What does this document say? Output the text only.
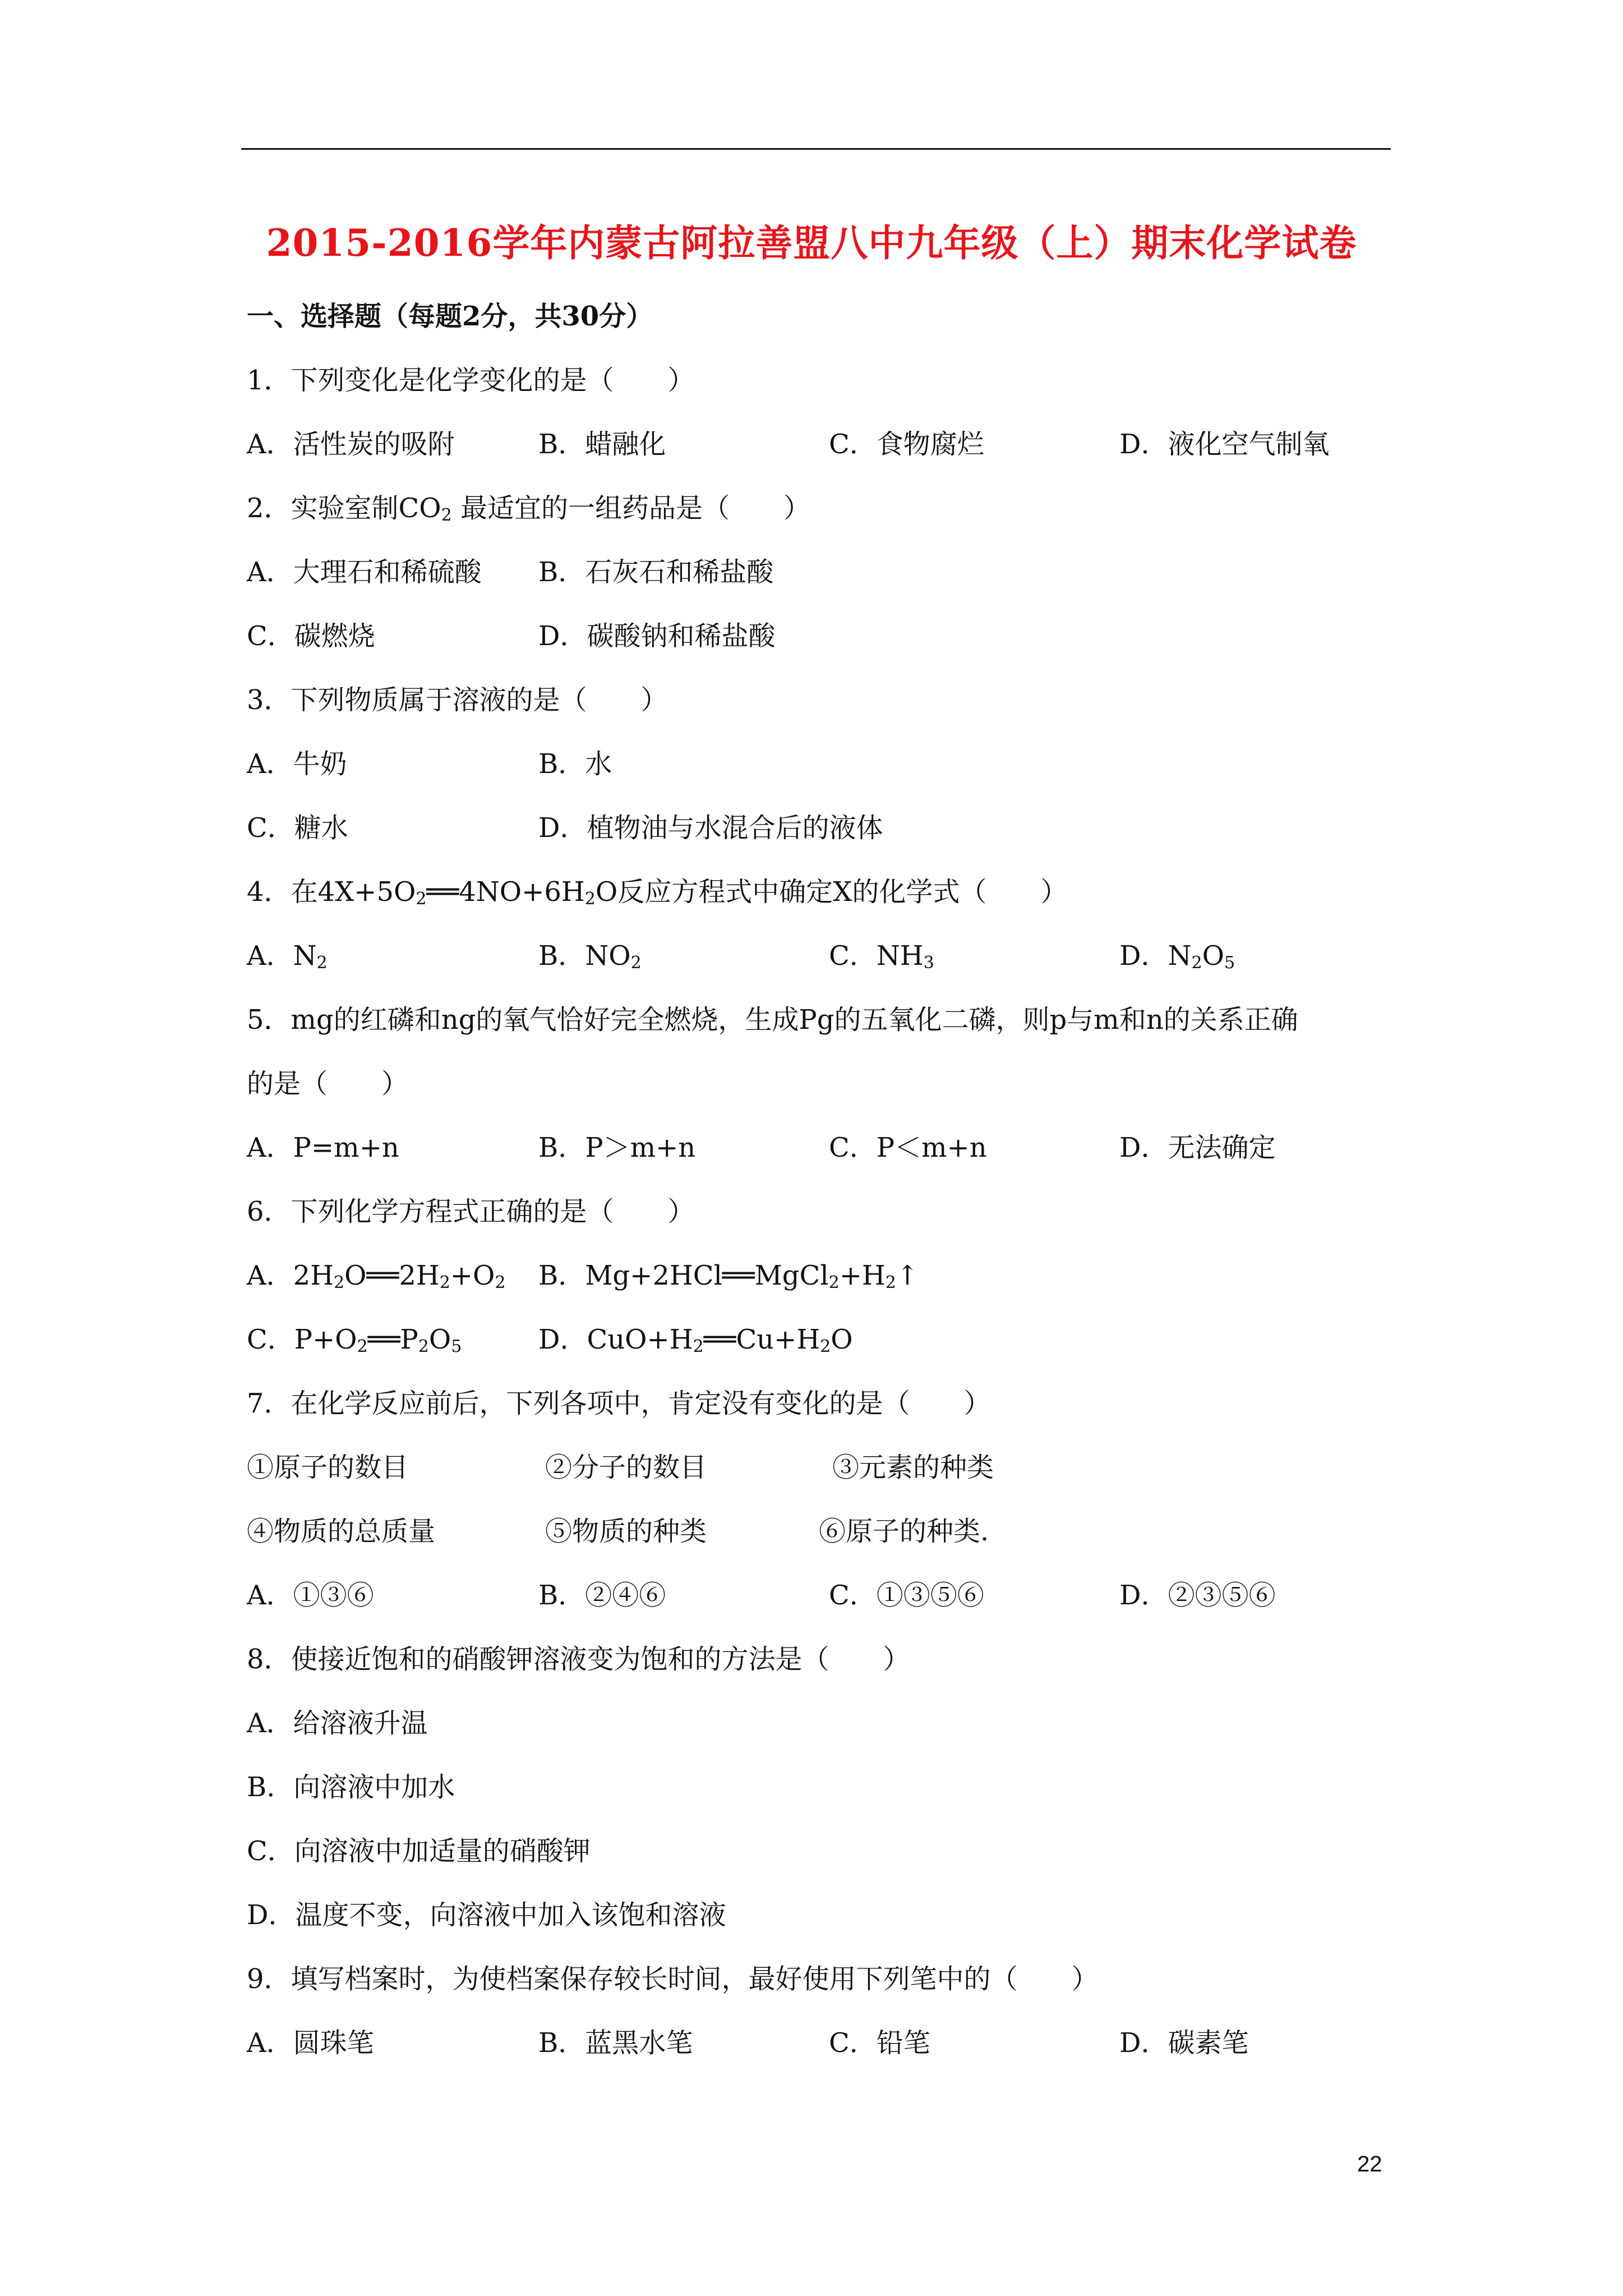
2015-2016学年内蒙古阿拉善盟八中九年级（上）期末化学试卷
一、选择题（每题2分，共30分）
1．下列变化是化学变化的是（　　）
A．活性炭的吸附	B．蜡融化	C．食物腐烂	D．液化空气制氧
2．实验室制$CO_2$ 最适宜的一组药品是（　　）
A．大理石和稀硫酸 B．石灰石和稀盐酸
C．碳燃烧	D．碳酸钠和稀盐酸
3．下列物质属于溶液的是（　　）
A．牛奶	B．水
C．糖水	D．植物油与水混合后的液体
4．在$4X+5O_2══4NO+6H_2O$反应方程式中确定X的化学式（　　）
A．$N_2$	B．$NO_2$	C．$NH_3$	D．$N_2O_5$
5．mg的红磷和ng的氧气恰好完全燃烧，生成Pg的五氧化二磷，则p与m和n的关系正确
的是（　　）
A．P=m+n	B．P＞m+n	C．P＜m+n	D．无法确定
6．下列化学方程式正确的是（　　）
A．$2H_2O══2H_2+O_2$ B．$Mg+2HCl══MgCl_2+H_2↑$
C．$P+O_2══P_2O_5$	D．$CuO+H_2══Cu+H_2O$
7．在化学反应前后，下列各项中，肯定没有变化的是（　　）
①原子的数目	②分子的数目	③元素的种类
④物质的总质量	⑤物质的种类	⑥原子的种类.
A．①③⑥	B．②④⑥	C．①③⑤⑥	D．②③⑤⑥
8．使接近饱和的硝酸钾溶液变为饱和的方法是（　　）
A．给溶液升温
B．向溶液中加水
C．向溶液中加适量的硝酸钾
D．温度不变，向溶液中加入该饱和溶液
9．填写档案时，为使档案保存较长时间，最好使用下列笔中的（　　）
A．圆珠笔	B．蓝黑水笔	C．铅笔	D．碳素笔
22
